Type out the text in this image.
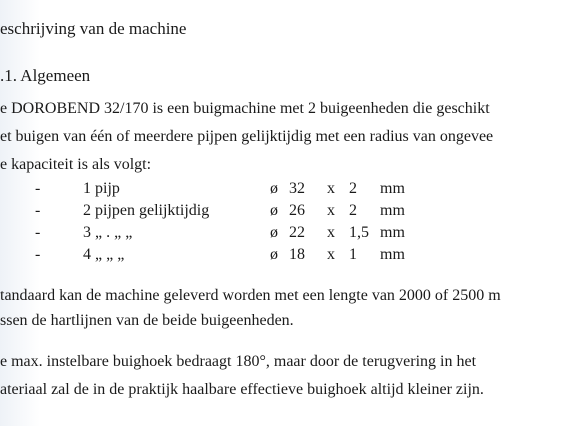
eschrijving van de machine
.1. Algemeen
e DOROBEND 32/170 is een buigmachine met 2 buigeenheden die geschikt
et buigen van één of meerdere pijpen gelijktijdig met een radius van ongevee
e kapaciteit is als volgt:
-	1 pijp	ø 32 x 2 mm
-	2 pijpen gelijktijdig	ø 26 x 2 mm
-	3 „ . „ „	ø 22 x 1,5 mm
-	4 „ „ „	ø 18 x 1 mm
tandaard kan de machine geleverd worden met een lengte van 2000 of 2500 m
ssen de hartlijnen van de beide buigeenheden.
e max. instelbare buighoek bedraagt 180°, maar door de terugvering in het
ateriaal zal de in de praktijk haalbare effectieve buighoek altijd kleiner zijn.
